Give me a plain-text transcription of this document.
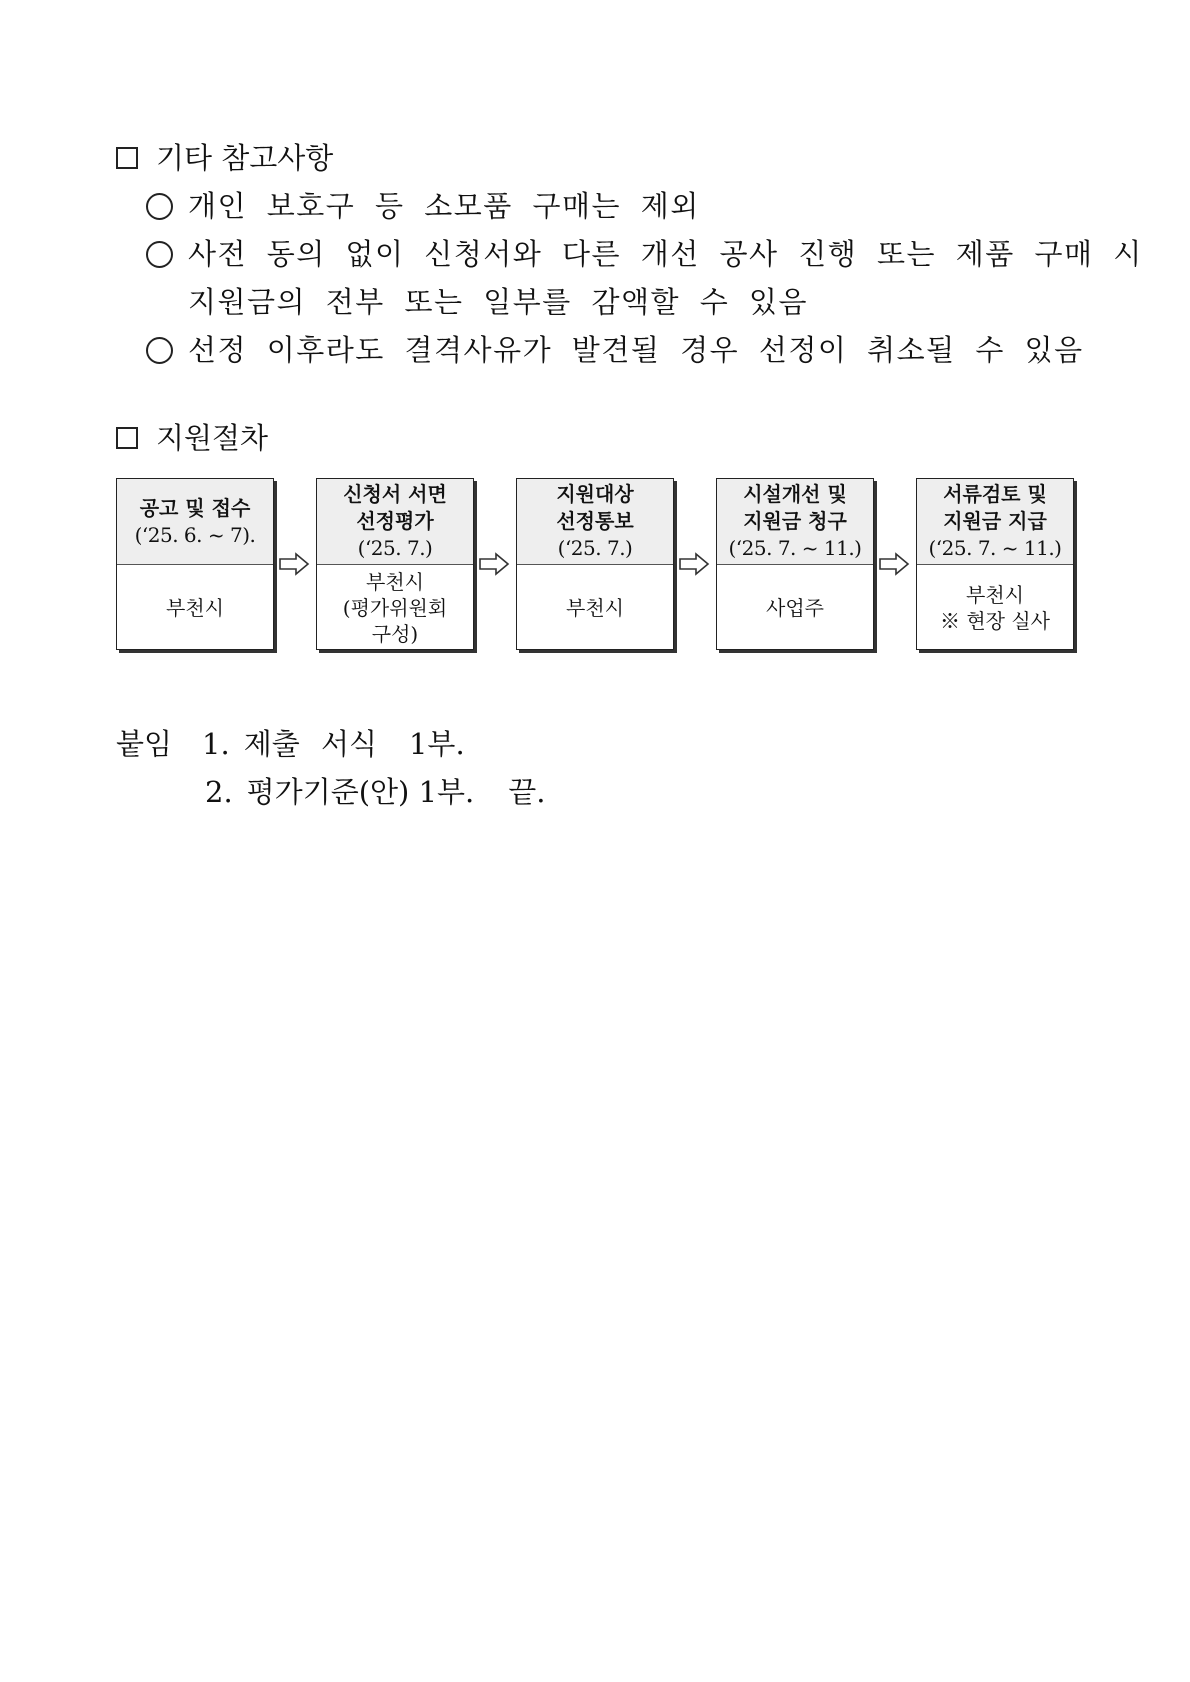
기타 참고사항
개인 보호구 등 소모품 구매는 제외
사전 동의 없이 신청서와 다른 개선 공사 진행 또는 제품 구매 시
지원금의 전부 또는 일부를 감액할 수 있음
선정 이후라도 결격사유가 발견될 경우 선정이 취소될 수 있음
지원절차
공고 및 접수
(‘25. 6. ~ 7).
부천시
신청서 서면
선정평가
(‘25. 7.)
부천시
(평가위원회
구성)
지원대상
선정통보
(‘25. 7.)
부천시
시설개선 및
지원금 청구
(‘25. 7. ~ 11.)
사업주
서류검토 및
지원금 지급
(‘25. 7. ~ 11.)
부천시
※ 현장 실사
붙임 1. 제출 서식 1부.
2. 평가기준(안) 1부. 끝.
